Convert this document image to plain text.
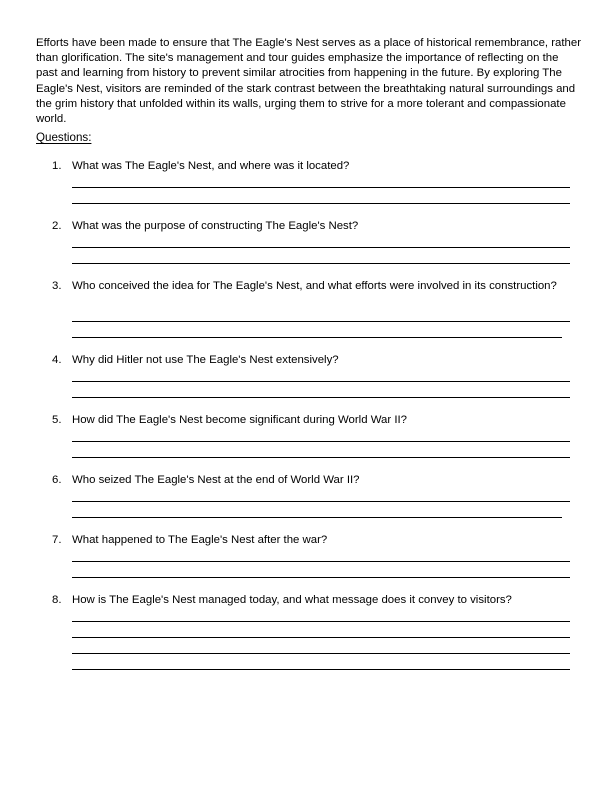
Efforts have been made to ensure that The Eagle's Nest serves as a place of historical remembrance, rather than glorification. The site's management and tour guides emphasize the importance of reflecting on the past and learning from history to prevent similar atrocities from happening in the future. By exploring The Eagle's Nest, visitors are reminded of the stark contrast between the breathtaking natural surroundings and the grim history that unfolded within its walls, urging them to strive for a more tolerant and compassionate world.

Questions:

1. What was The Eagle's Nest, and where was it located?

2. What was the purpose of constructing The Eagle's Nest?

3. Who conceived the idea for The Eagle's Nest, and what efforts were involved in its construction?

4. Why did Hitler not use The Eagle's Nest extensively?

5. How did The Eagle's Nest become significant during World War II?

6. Who seized The Eagle's Nest at the end of World War II?

7. What happened to The Eagle's Nest after the war?

8. How is The Eagle's Nest managed today, and what message does it convey to visitors?
